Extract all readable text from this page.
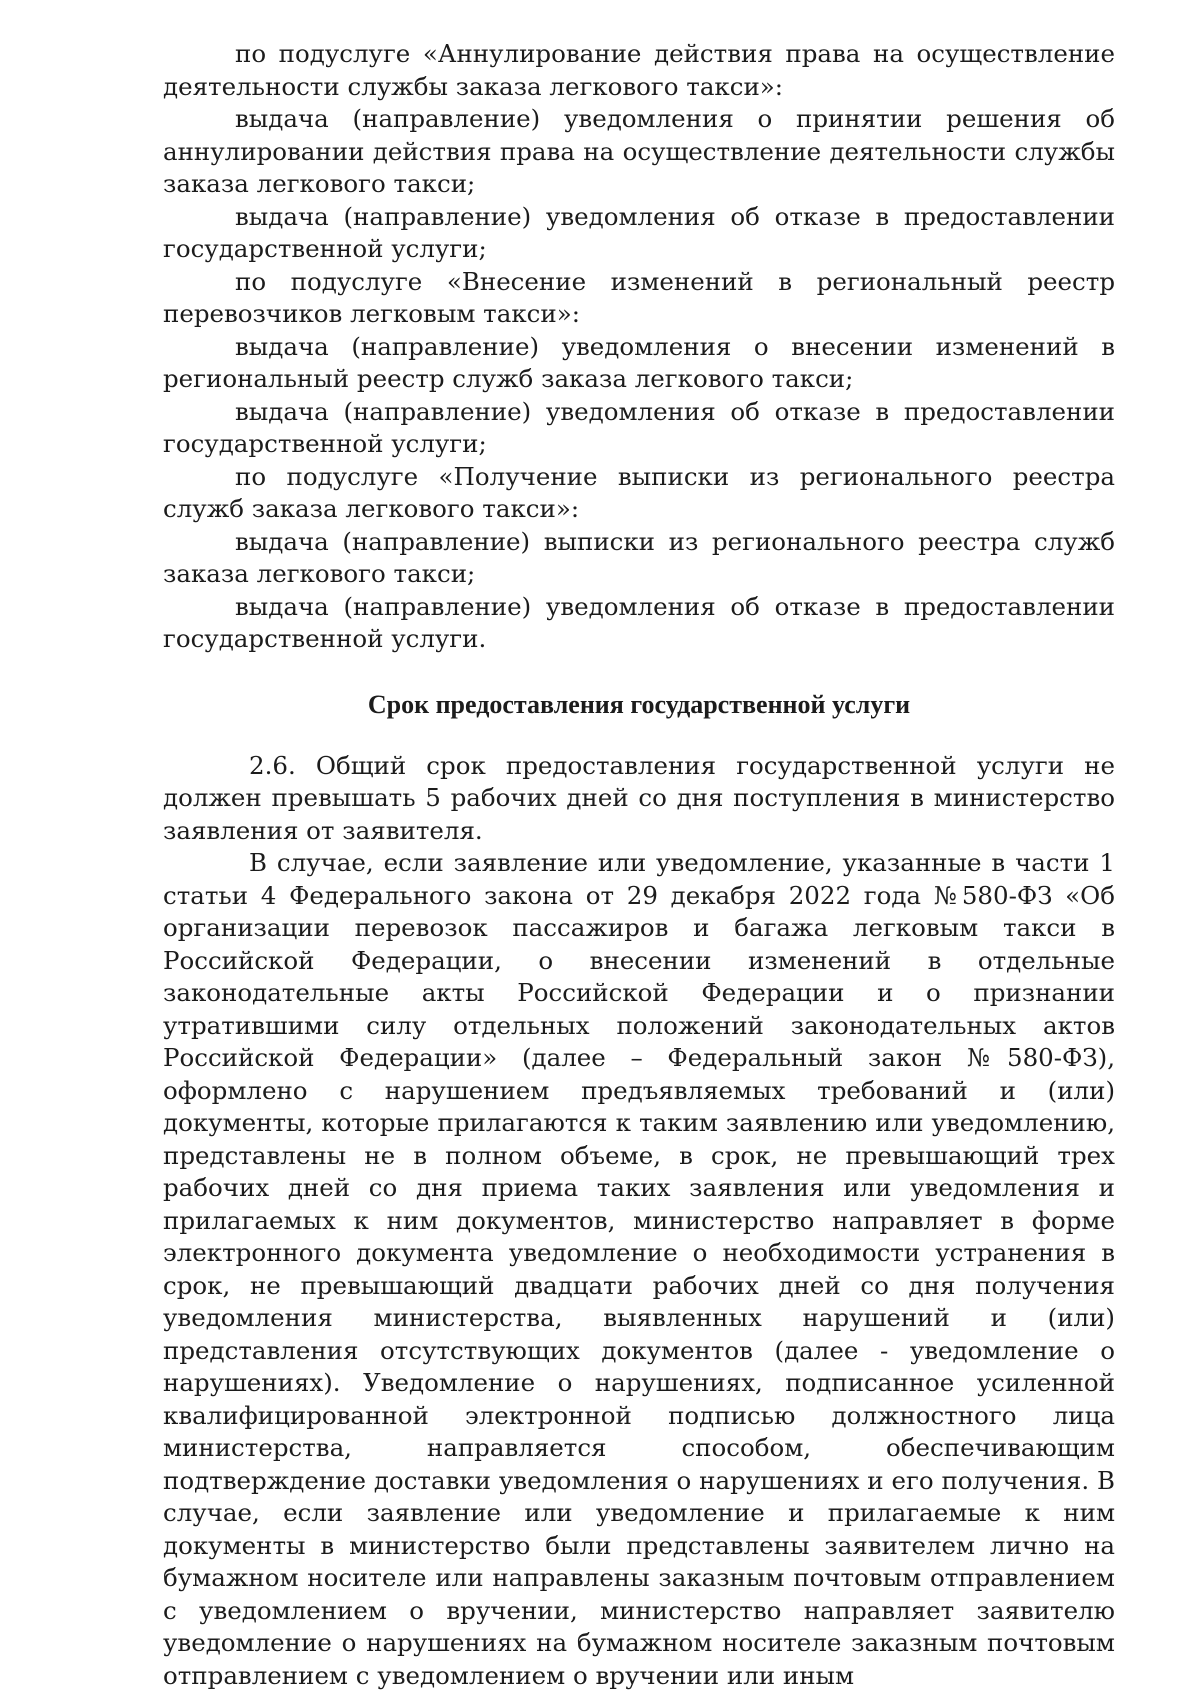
по подуслуге «Аннулирование действия права на осуществление деятельности службы заказа легкового такси»:

выдача (направление) уведомления о принятии решения об аннулировании действия права на осуществление деятельности службы заказа легкового такси;

выдача (направление) уведомления об отказе в предоставлении государственной услуги;

по подуслуге «Внесение изменений в региональный реестр перевозчиков легковым такси»:

выдача (направление) уведомления о внесении изменений в региональный реестр служб заказа легкового такси;

выдача (направление) уведомления об отказе в предоставлении государственной услуги;

по подуслуге «Получение выписки из регионального реестра служб заказа легкового такси»:

выдача (направление) выписки из регионального реестра служб заказа легкового такси;

выдача (направление) уведомления об отказе в предоставлении государственной услуги.

Срок предоставления государственной услуги

2.6. Общий срок предоставления государственной услуги не должен превышать 5 рабочих дней со дня поступления в министерство заявления от заявителя.

В случае, если заявление или уведомление, указанные в части 1 статьи 4 Федерального закона от 29 декабря 2022 года №580-ФЗ «Об организации перевозок пассажиров и багажа легковым такси в Российской Федерации, о внесении изменений в отдельные законодательные акты Российской Федерации и о признании утратившими силу отдельных положений законодательных актов Российской Федерации» (далее – Федеральный закон №580-ФЗ), оформлено с нарушением предъявляемых требований и (или) документы, которые прилагаются к таким заявлению или уведомлению, представлены не в полном объеме, в срок, не превышающий трех рабочих дней со дня приема таких заявления или уведомления и прилагаемых к ним документов, министерство направляет в форме электронного документа уведомление о необходимости устранения в срок, не превышающий двадцати рабочих дней со дня получения уведомления министерства, выявленных нарушений и (или) представления отсутствующих документов (далее - уведомление о нарушениях). Уведомление о нарушениях, подписанное усиленной квалифицированной электронной подписью должностного лица министерства, направляется способом, обеспечивающим подтверждение доставки уведомления о нарушениях и его получения. В случае, если заявление или уведомление и прилагаемые к ним документы в министерство были представлены заявителем лично на бумажном носителе или направлены заказным почтовым отправлением с уведомлением о вручении, министерство направляет заявителю уведомление о нарушениях на бумажном носителе заказным почтовым отправлением с уведомлением о вручении или иным
